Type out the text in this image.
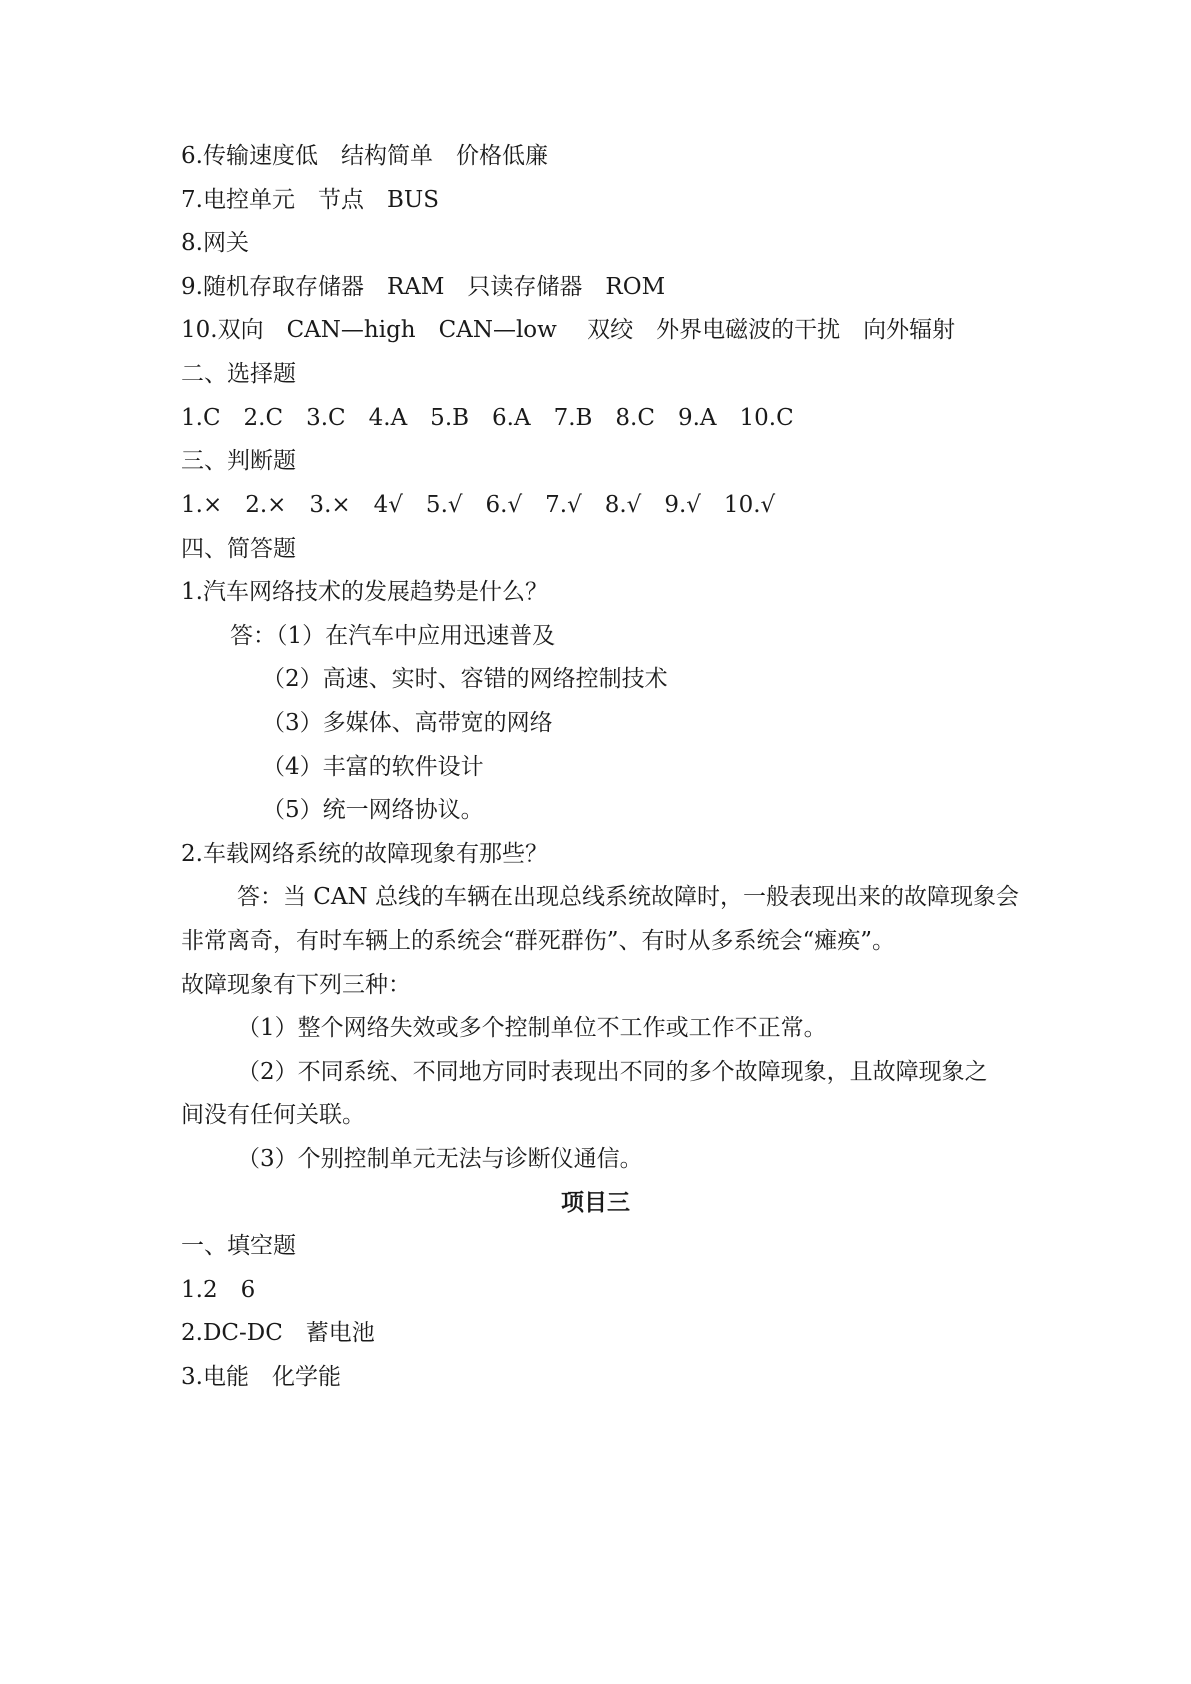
6.传输速度低　结构简单　价格低廉

7.电控单元　节点　BUS

8.网关

9.随机存取存储器　RAM　只读存储器　ROM

10.双向　CAN—high　CAN—low　 双绞　外界电磁波的干扰　向外辐射

二、选择题

1.C　2.C　3.C　4.A　5.B　6.A　7.B　8.C　9.A　10.C

三、判断题

1.×　2.×　3.×　4√　5.√　6.√　7.√　8.√　9.√　10.√

四、简答题

1.汽车网络技术的发展趋势是什么？

答：（1）在汽车中应用迅速普及

（2）高速、实时、容错的网络控制技术

（3）多媒体、高带宽的网络

（4）丰富的软件设计

（5）统一网络协议。

2.车载网络系统的故障现象有那些？

答：当 CAN 总线的车辆在出现总线系统故障时，一般表现出来的故障现象会

非常离奇，有时车辆上的系统会“群死群伤”、有时从多系统会“瘫痪”。

故障现象有下列三种：

（1）整个网络失效或多个控制单位不工作或工作不正常。

（2）不同系统、不同地方同时表现出不同的多个故障现象，且故障现象之

间没有任何关联。

（3）个别控制单元无法与诊断仪通信。

项目三

一、填空题

1.2　6

2.DC-DC　蓄电池

3.电能　化学能
